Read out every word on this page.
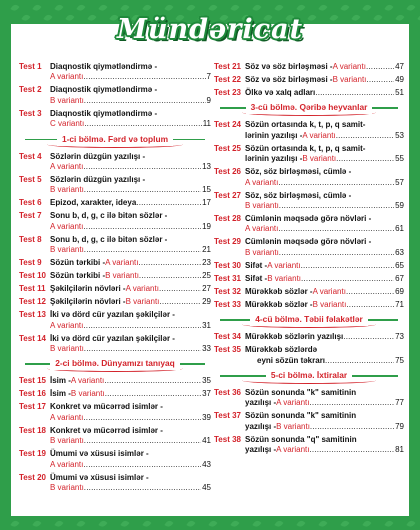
Mündəricat
Test 1	Diaqnostik qiymətləndirmə -
A variantı .....	7
Test 2	Diaqnostik qiymətləndirmə -
B variantı .....	9
Test 3	Diaqnostik qiymətləndirmə -
C variantı .....	11
1-ci bölmə. Fərd və toplum
Test 4	Sözlərin düzgün yazılışı -
A variantı .....	13
Test 5	Sözlərin düzgün yazılışı -
B variantı .....	15
Test 6	Epizod, xarakter, ideya .....	17
Test 7	Sonu b, d, g, c ilə bitən sözlər -
A variantı .....	19
Test 8	Sonu b, d, g, c ilə bitən sözlər -
B variantı .....	21
Test 9	Sözün tərkibi - A variantı .....	23
Test 10 Sözün tərkibi - B variantı .....	25
Test 11 Şəkilçilərin növləri - A variantı .....	27
Test 12 Şəkilçilərin növləri - B variantı .....	29
Test 13 İki və dörd cür yazılan şəkilçilər -
A variantı .....	31
Test 14 İki və dörd cür yazılan şəkilçilər -
B variantı .....	33
2-ci bölmə. Dünyamızı tanıyaq
Test 15 İsim - A variantı .....	35
Test 16 İsim - B variantı .....	37
Test 17 Konkret və mücərrəd isimlər -
A variantı .....	39
Test 18 Konkret və mücərrəd isimlər -
B variantı .....	41
Test 19 Ümumi və xüsusi isimlər -
A variantı .....	43
Test 20 Ümumi və xüsusi isimlər -
B variantı .....	45
Test 21 Söz və söz birləşməsi - A variantı .....	47
Test 22 Söz və söz birləşməsi - B variantı .....	49
Test 23 Ölkə və xalq adları .....	51
3-cü bölmə. Qəribə heyvanlar
Test 24 Sözün ortasında k, t, p, q samit-
lərinin yazılışı - A variantı .....	53
Test 25 Sözün ortasında k, t, p, q samit-
lərinin yazılışı - B variantı .....	55
Test 26 Söz, söz birləşməsi, cümlə -
A variantı .....	57
Test 27 Söz, söz birləşməsi, cümlə -
B variantı .....	59
Test 28 Cümlənin məqsədə görə növləri -
A variantı .....	61
Test 29 Cümlənin məqsədə görə növləri -
B variantı .....	63
Test 30 Sifət - A variantı .....	65
Test 31 Sifət - B variantı .....	67
Test 32 Mürəkkəb sözlər - A variantı .....	69
Test 33 Mürəkkəb sözlər - B variantı .....	71
4-cü bölmə. Təbii fəlakətlər
Test 34 Mürəkkəb sözlərin yazılışı .....	73
Test 35 Mürəkkəb sözlərdə
eyni sözün təkrarı .....	75
5-ci bölmə. İxtiralar
Test 36 Sözün sonunda "k" samitinin
yazılışı - A variantı .....	77
Test 37 Sözün sonunda "k" samitinin
yazılışı - B variantı .....	79
Test 38 Sözün sonunda "q" samitinin
yazılışı - A variantı .....	81
